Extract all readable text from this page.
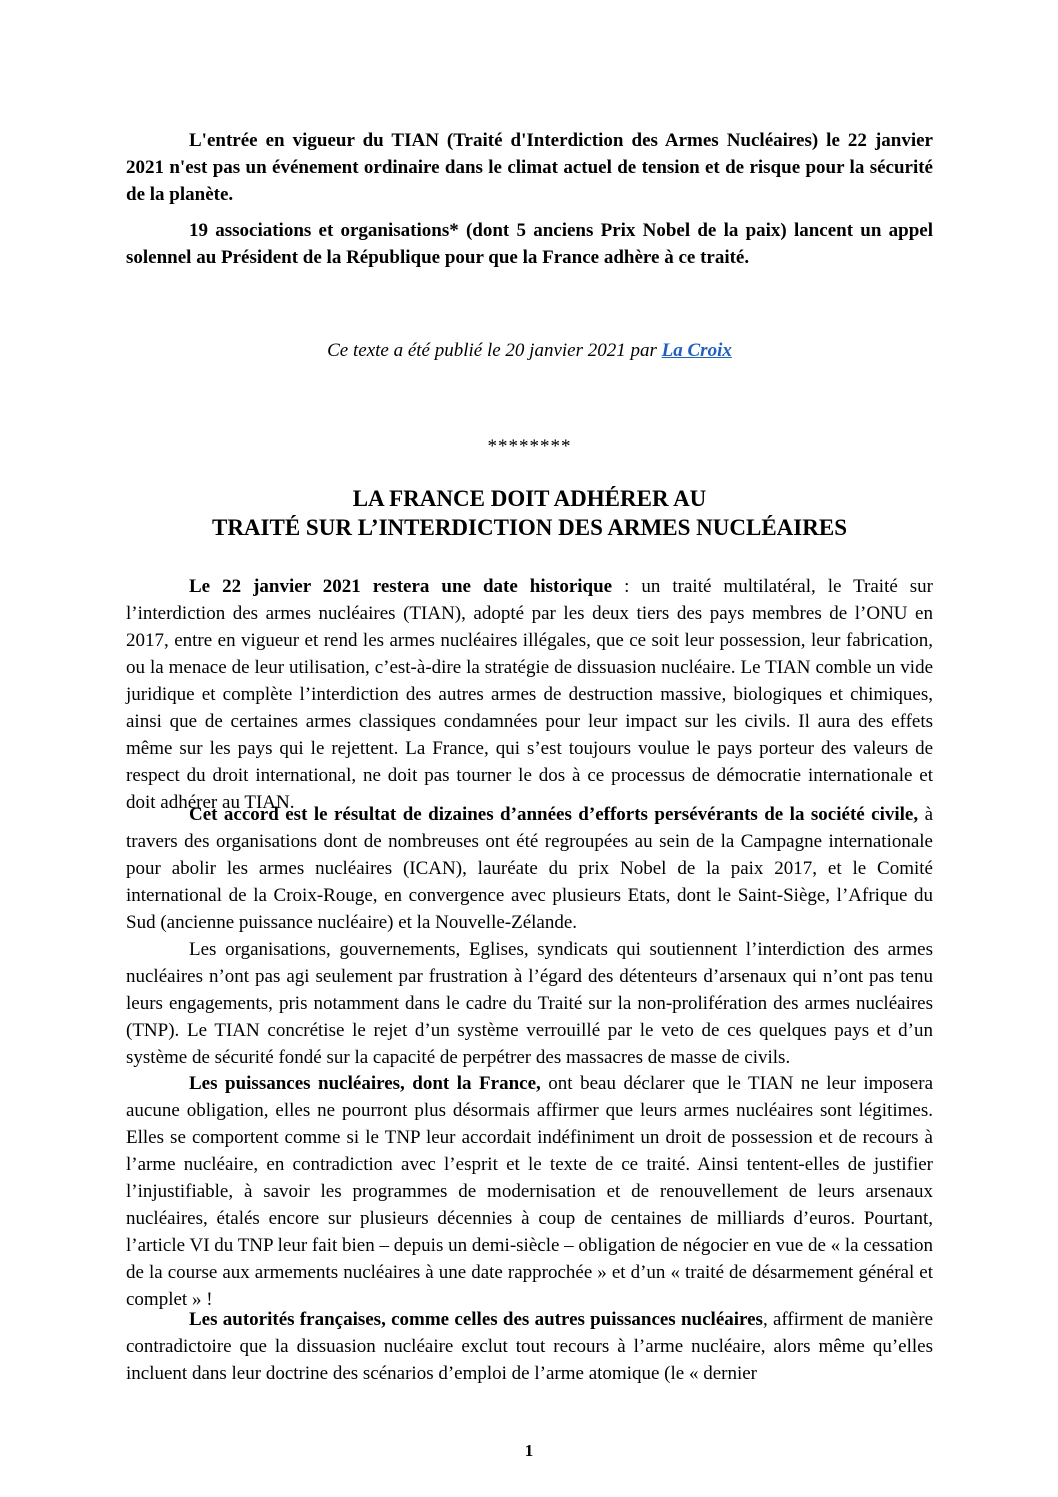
L'entrée en vigueur du TIAN (Traité d'Interdiction des Armes Nucléaires) le 22 janvier 2021 n'est pas un événement ordinaire dans le climat actuel de tension et de risque pour la sécurité de la planète.

19 associations et organisations* (dont 5 anciens Prix Nobel de la paix) lancent un appel solennel au Président de la République pour que la France adhère à ce traité.

Ce texte a été publié le 20 janvier 2021 par La Croix
********
LA FRANCE DOIT ADHÉRER AU
TRAITÉ SUR L’INTERDICTION DES ARMES NUCLÉAIRES

Le 22 janvier 2021 restera une date historique : un traité multilatéral, le Traité sur l’interdiction des armes nucléaires (TIAN), adopté par les deux tiers des pays membres de l’ONU en 2017, entre en vigueur et rend les armes nucléaires illégales, que ce soit leur possession, leur fabrication, ou la menace de leur utilisation, c’est-à-dire la stratégie de dissuasion nucléaire. Le TIAN comble un vide juridique et complète l’interdiction des autres armes de destruction massive, biologiques et chimiques, ainsi que de certaines armes classiques condamnées pour leur impact sur les civils. Il aura des effets même sur les pays qui le rejettent. La France, qui s’est toujours voulue le pays porteur des valeurs de respect du droit international, ne doit pas tourner le dos à ce processus de démocratie internationale et doit adhérer au TIAN.

Cet accord est le résultat de dizaines d’années d’efforts persévérants de la société civile, à travers des organisations dont de nombreuses ont été regroupées au sein de la Campagne internationale pour abolir les armes nucléaires (ICAN), lauréate du prix Nobel de la paix 2017, et le Comité international de la Croix-Rouge, en convergence avec plusieurs Etats, dont le Saint-Siège, l’Afrique du Sud (ancienne puissance nucléaire) et la Nouvelle-Zélande.

Les organisations, gouvernements, Eglises, syndicats qui soutiennent l’interdiction des armes nucléaires n’ont pas agi seulement par frustration à l’égard des détenteurs d’arsenaux qui n’ont pas tenu leurs engagements, pris notamment dans le cadre du Traité sur la non-prolifération des armes nucléaires (TNP). Le TIAN concrétise le rejet d’un système verrouillé par le veto de ces quelques pays et d’un système de sécurité fondé sur la capacité de perpétrer des massacres de masse de civils.

Les puissances nucléaires, dont la France, ont beau déclarer que le TIAN ne leur imposera aucune obligation, elles ne pourront plus désormais affirmer que leurs armes nucléaires sont légitimes. Elles se comportent comme si le TNP leur accordait indéfiniment un droit de possession et de recours à l’arme nucléaire, en contradiction avec l’esprit et le texte de ce traité. Ainsi tentent-elles de justifier l’injustifiable, à savoir les programmes de modernisation et de renouvellement de leurs arsenaux nucléaires, étalés encore sur plusieurs décennies à coup de centaines de milliards d’euros. Pourtant, l’article VI du TNP leur fait bien – depuis un demi-siècle – obligation de négocier en vue de « la cessation de la course aux armements nucléaires à une date rapprochée » et d’un « traité de désarmement général et complet » !

Les autorités françaises, comme celles des autres puissances nucléaires, affirment de manière contradictoire que la dissuasion nucléaire exclut tout recours à l’arme nucléaire, alors même qu’elles incluent dans leur doctrine des scénarios d’emploi de l’arme atomique (le « dernier

1
